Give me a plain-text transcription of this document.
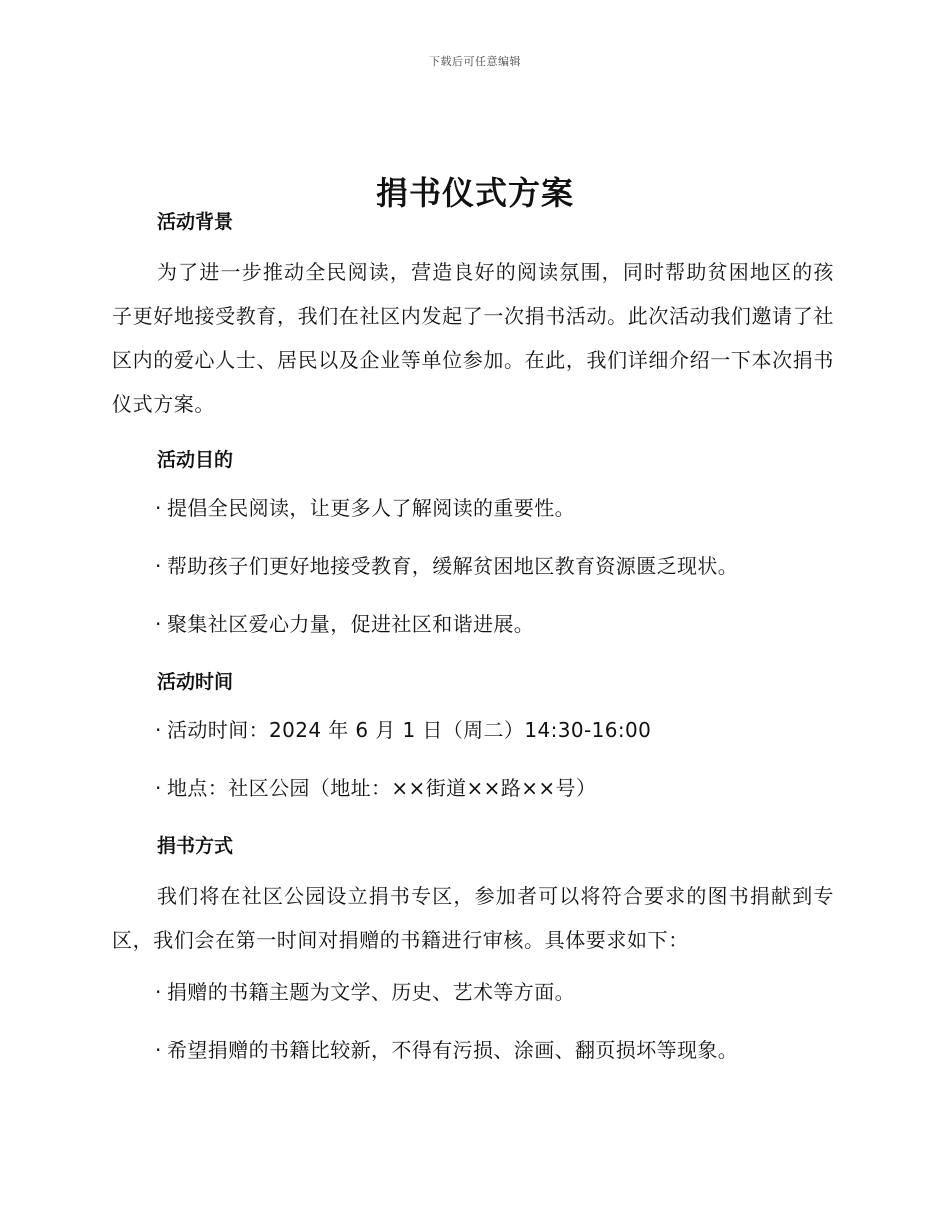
下载后可任意编辑
捐书仪式方案
活动背景

为了进一步推动全民阅读，营造良好的阅读氛围，同时帮助贫困地区的孩子更好地接受教育，我们在社区内发起了一次捐书活动。此次活动我们邀请了社区内的爱心人士、居民以及企业等单位参加。在此，我们详细介绍一下本次捐书仪式方案。

活动目的
· 提倡全民阅读，让更多人了解阅读的重要性。
· 帮助孩子们更好地接受教育，缓解贫困地区教育资源匮乏现状。
· 聚集社区爱心力量，促进社区和谐进展。
活动时间
· 活动时间：2024 年 6 月 1 日（周二）14:30-16:00
· 地点：社区公园（地址：××街道××路××号）
捐书方式

我们将在社区公园设立捐书专区，参加者可以将符合要求的图书捐献到专区，我们会在第一时间对捐赠的书籍进行审核。具体要求如下：

· 捐赠的书籍主题为文学、历史、艺术等方面。
· 希望捐赠的书籍比较新，不得有污损、涂画、翻页损坏等现象。
